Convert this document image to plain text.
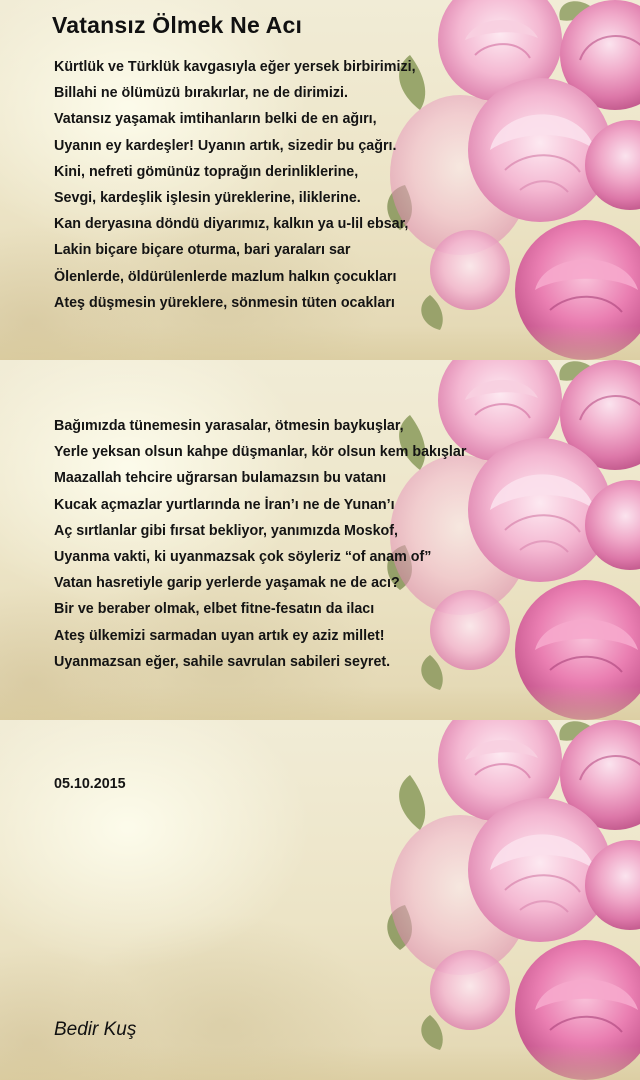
Vatansız Ölmek Ne Acı
Kürtlük ve Türklük kavgasıyla eğer yersek birbirimizi,
Billahi ne ölümüzü bırakırlar, ne de dirimizi.
Vatansız yaşamak imtihanların belki de en ağırı,
Uyanın ey kardeşler! Uyanın artık, sizedir bu çağrı.
Kini, nefreti gömünüz toprağın derinliklerine,
Sevgi, kardeşlik işlesin yüreklerine, iliklerine.
Kan deryasına döndü diyarımız, kalkın ya u-lil ebsar,
Lakin biçare biçare oturma, bari yaraları sar
Ölenlerde, öldürülenlerde mazlum halkın çocukları
Ateş düşmesin yüreklere, sönmesin tüten ocakları
Bağımızda tünemesin yarasalar, ötmesin baykuşlar,
Yerle yeksan olsun kahpe düşmanlar, kör olsun kem bakışlar
Maazallah tehcire uğrarsan bulamazsın bu vatanı
Kucak açmazlar yurtlarında ne İran’ı ne de Yunan’ı
Aç sırtlanlar gibi fırsat bekliyor, yanımızda Moskof,
Uyanma vakti, ki uyanmazsak çok söyleriz “of anam of”
Vatan hasretiyle garip yerlerde yaşamak ne de acı?
Bir ve beraber olmak, elbet fitne-fesatın da ilacı
Ateş ülkemizi sarmadan uyan artık ey aziz millet!
Uyanmazsan eğer, sahile savrulan sabileri seyret.
05.10.2015
Bedir Kuş
